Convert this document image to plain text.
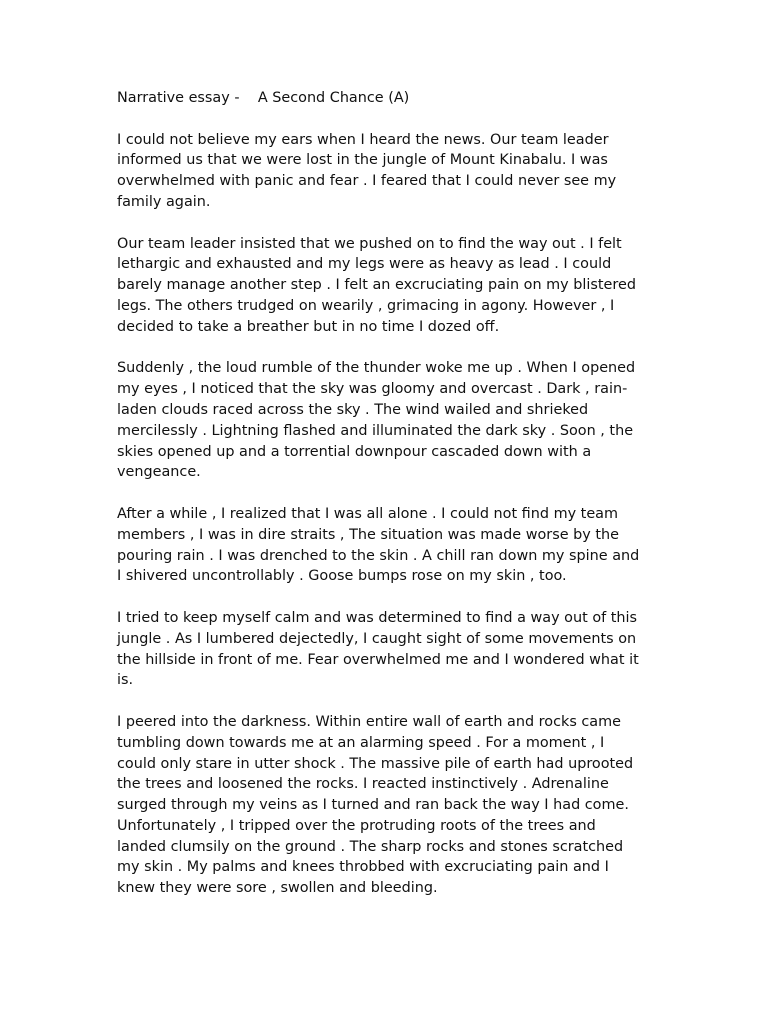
Narrative essay -    A Second Chance (A)
I could not believe my ears when I heard the news. Our team leader
informed us that we were lost in the jungle of Mount Kinabalu. I was
overwhelmed with panic and fear . I feared that I could never see my
family again.
Our team leader insisted that we pushed on to find the way out . I felt
lethargic and exhausted and my legs were as heavy as lead . I could
barely manage another step . I felt an excruciating pain on my blistered
legs. The others trudged on wearily , grimacing in agony. However , I
decided to take a breather but in no time I dozed off.
Suddenly , the loud rumble of the thunder woke me up . When I opened
my eyes , I noticed that the sky was gloomy and overcast . Dark , rain-
laden clouds raced across the sky . The wind wailed and shrieked
mercilessly . Lightning flashed and illuminated the dark sky . Soon , the
skies opened up and a torrential downpour cascaded down with a
vengeance.
After a while , I realized that I was all alone . I could not find my team
members , I was in dire straits , The situation was made worse by the
pouring rain . I was drenched to the skin . A chill ran down my spine and
I shivered uncontrollably . Goose bumps rose on my skin , too.
I tried to keep myself calm and was determined to find a way out of this
jungle . As I lumbered dejectedly, I caught sight of some movements on
the hillside in front of me. Fear overwhelmed me and I wondered what it
is.
I peered into the darkness. Within entire wall of earth and rocks came
tumbling down towards me at an alarming speed . For a moment , I
could only stare in utter shock . The massive pile of earth had uprooted
the trees and loosened the rocks. I reacted instinctively . Adrenaline
surged through my veins as I turned and ran back the way I had come.
Unfortunately , I tripped over the protruding roots of the trees and
landed clumsily on the ground . The sharp rocks and stones scratched
my skin . My palms and knees throbbed with excruciating pain and I
knew they were sore , swollen and bleeding.
